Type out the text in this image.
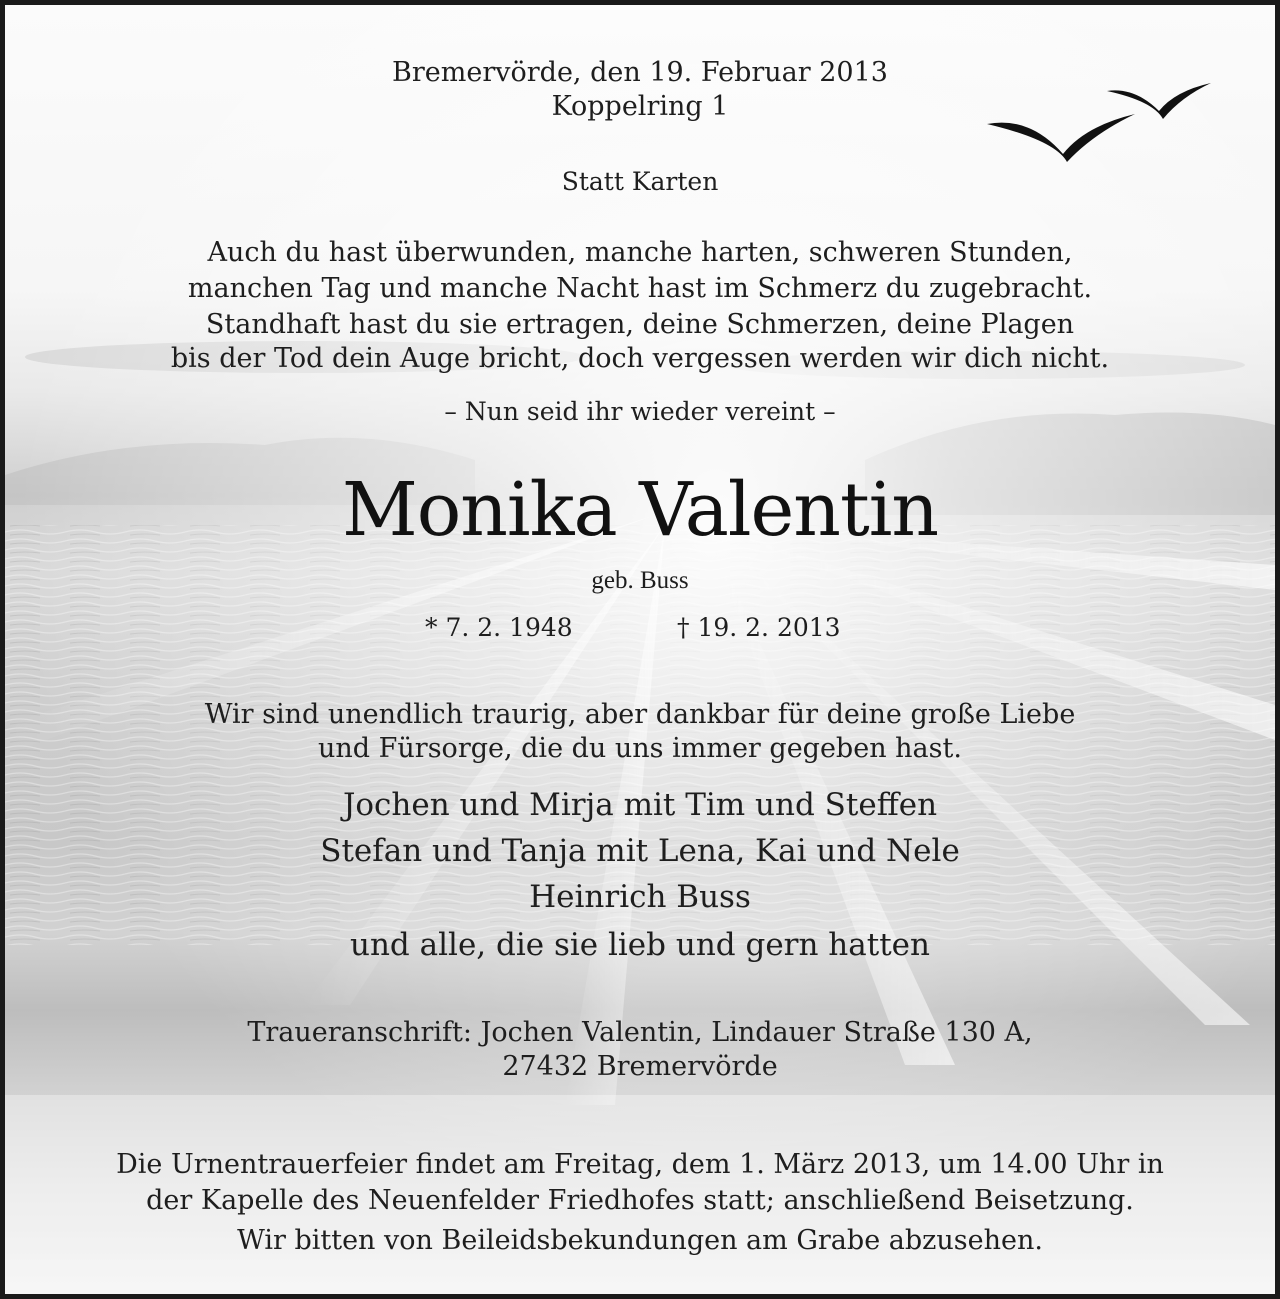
Bremervörde, den 19. Februar 2013
Koppelring 1
Statt Karten
Auch du hast überwunden, manche harten, schweren Stunden,
manchen Tag und manche Nacht hast im Schmerz du zugebracht.
Standhaft hast du sie ertragen, deine Schmerzen, deine Plagen
bis der Tod dein Auge bricht, doch vergessen werden wir dich nicht.
– Nun seid ihr wieder vereint –
Monika Valentin
geb. Buss
* 7. 2. 1948	† 19. 2. 2013
Wir sind unendlich traurig, aber dankbar für deine große Liebe
und Fürsorge, die du uns immer gegeben hast.
Jochen und Mirja mit Tim und Steffen
Stefan und Tanja mit Lena, Kai und Nele
Heinrich Buss
und alle, die sie lieb und gern hatten
Traueranschrift: Jochen Valentin, Lindauer Straße 130 A,
27432 Bremervörde
Die Urnentrauerfeier findet am Freitag, dem 1. März 2013, um 14.00 Uhr in
der Kapelle des Neuenfelder Friedhofes statt; anschließend Beisetzung.
Wir bitten von Beileidsbekundungen am Grabe abzusehen.
